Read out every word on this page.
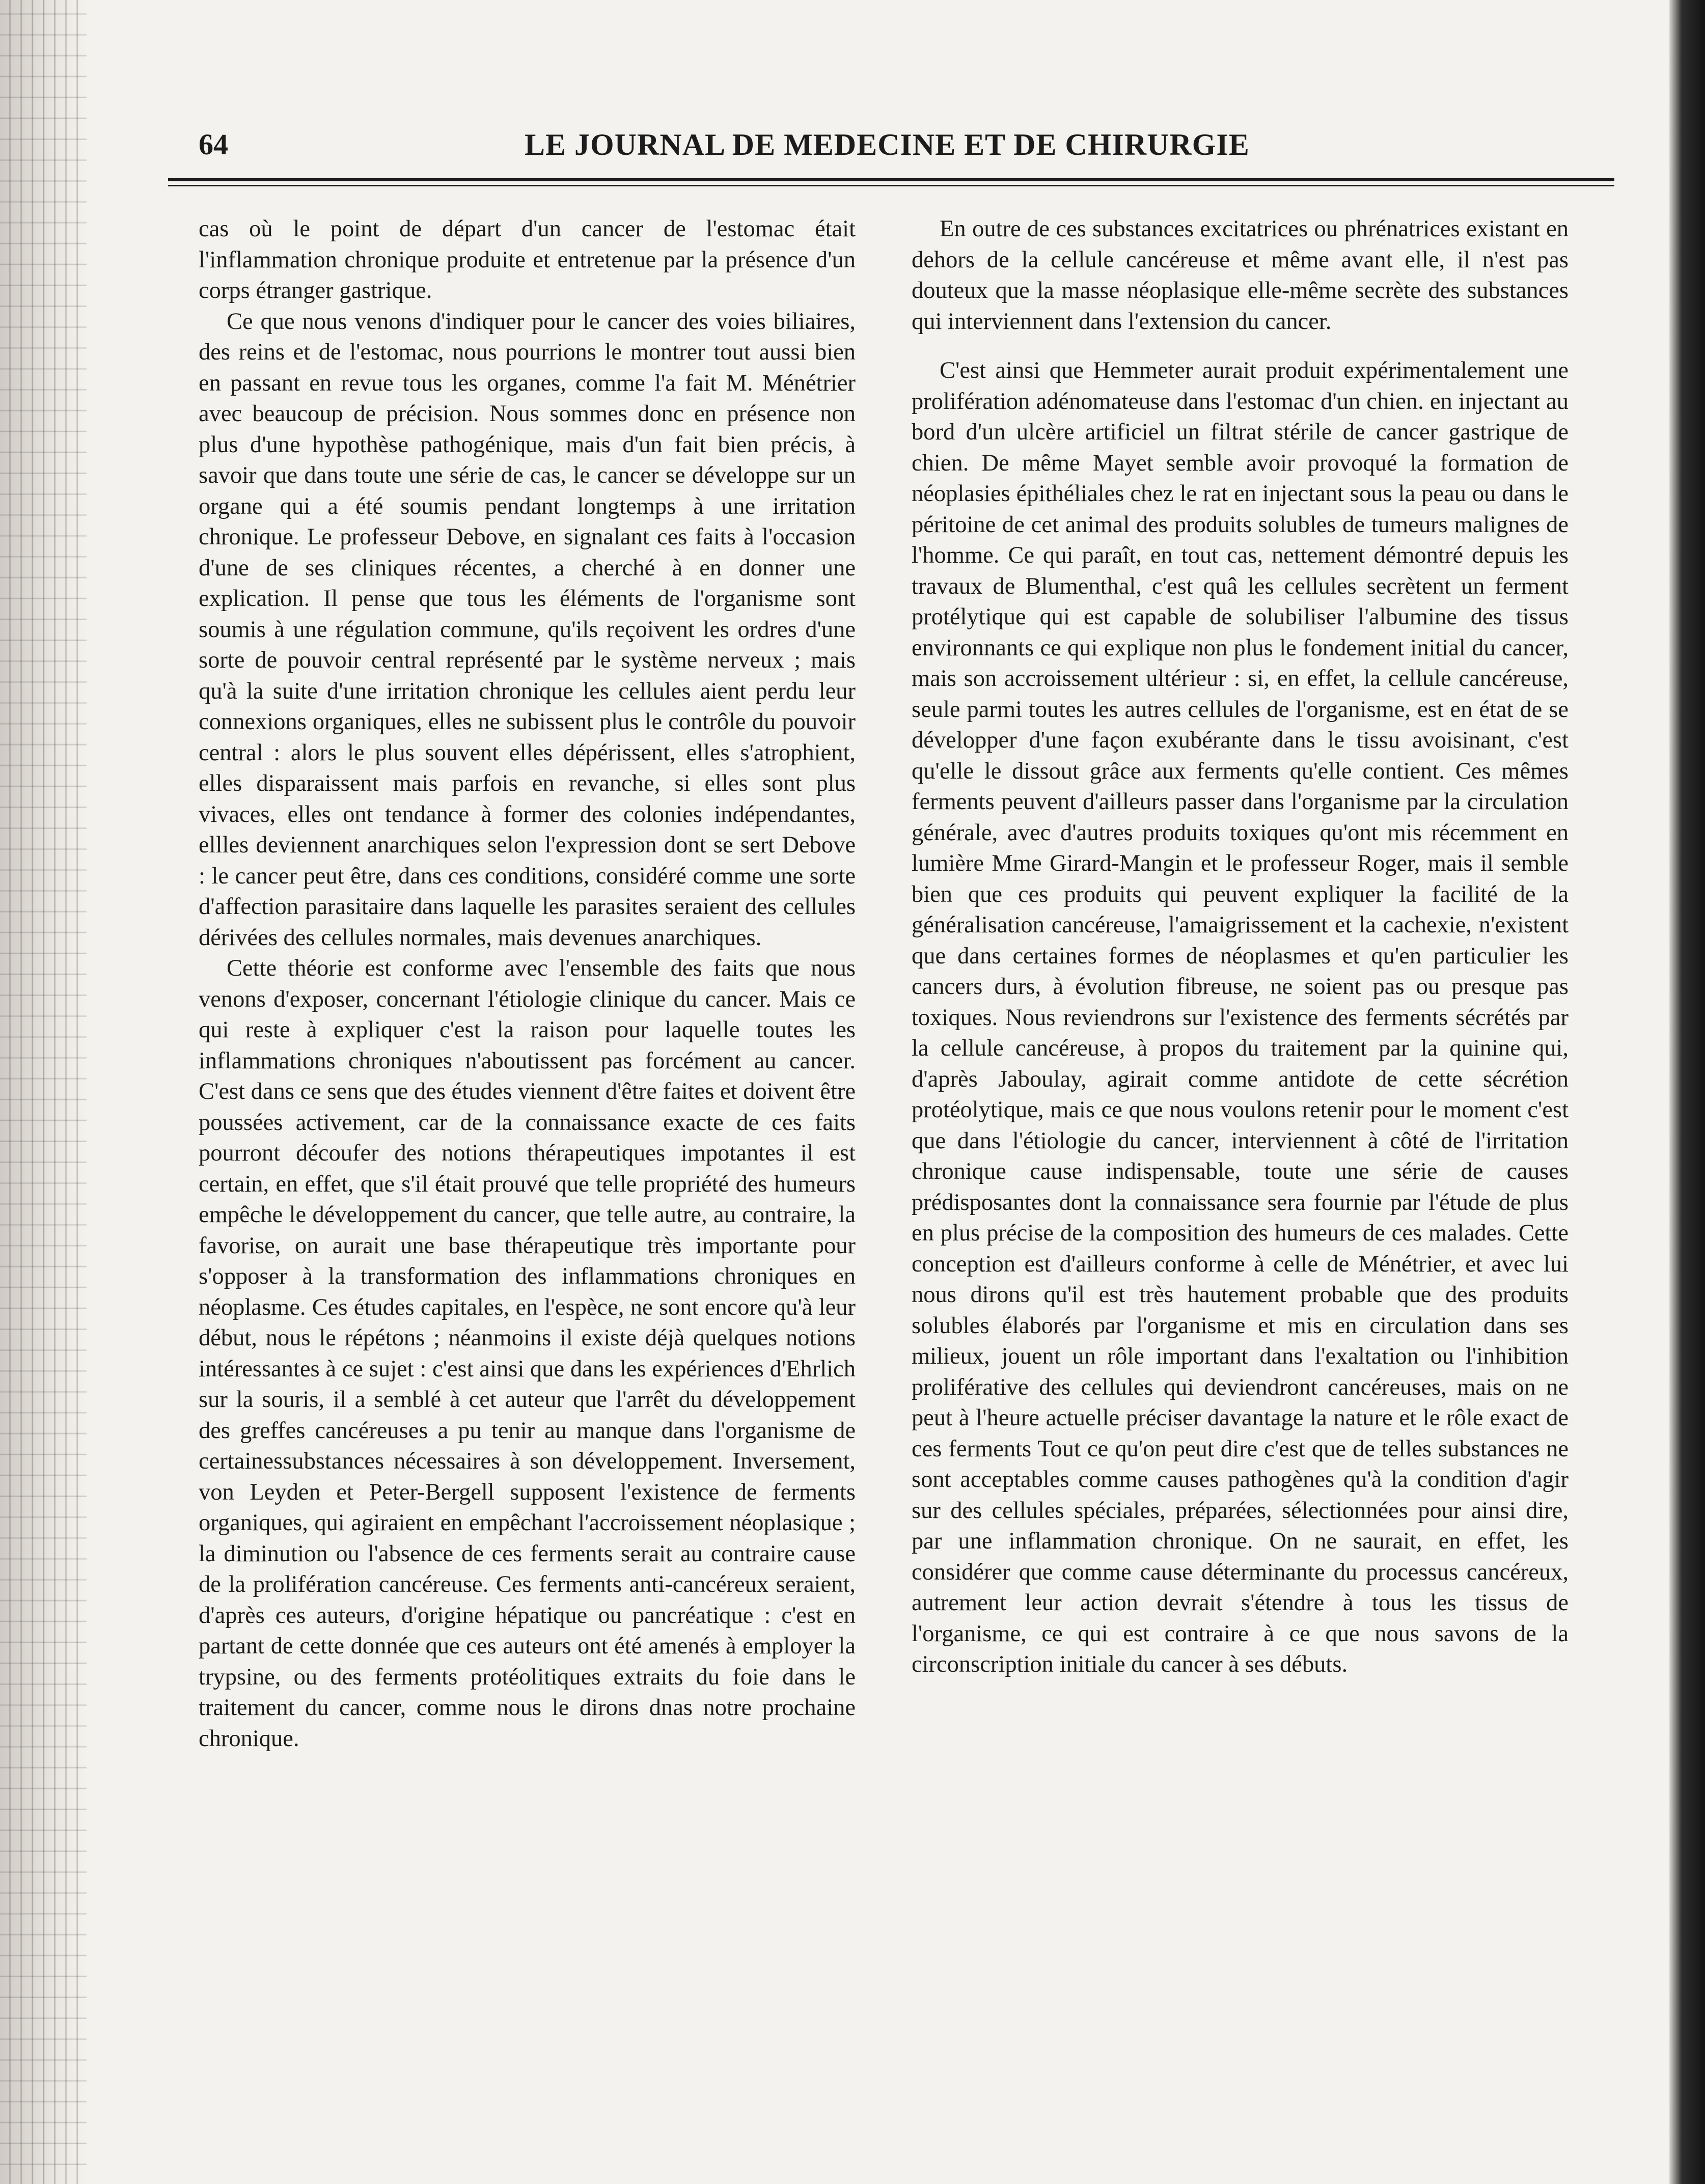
64	LE JOURNAL DE MEDECINE ET DE CHIRURGIE

cas où le point de départ d'un cancer de l'estomac était l'inflammation chronique produite et entretenue par la présence d'un corps étranger gastrique.

Ce que nous venons d'indiquer pour le cancer des voies biliaires, des reins et de l'estomac, nous pourrions le montrer tout aussi bien en passant en revue tous les organes, comme l'a fait M. Ménétrier avec beaucoup de précision. Nous sommes donc en présence non plus d'une hypothèse pathogénique, mais d'un fait bien précis, à savoir que dans toute une série de cas, le cancer se développe sur un organe qui a été soumis pendant longtemps à une irritation chronique. Le professeur Debove, en signalant ces faits à l'occasion d'une de ses cliniques récentes, a cherché à en donner une explication. Il pense que tous les éléments de l'organisme sont soumis à une régulation commune, qu'ils reçoivent les ordres d'une sorte de pouvoir central représenté par le système nerveux ; mais qu'à la suite d'une irritation chronique les cellules aient perdu leur connexions organiques, elles ne subissent plus le contrôle du pouvoir central : alors le plus souvent elles dépérissent, elles s'atrophient, elles disparaissent mais parfois en revanche, si elles sont plus vivaces, elles ont tendance à former des colonies indépendantes, ellles deviennent anarchiques selon l'expression dont se sert Debove : le cancer peut être, dans ces conditions, considéré comme une sorte d'affection parasitaire dans laquelle les parasites seraient des cellules dérivées des cellules normales, mais devenues anarchiques.

Cette théorie est conforme avec l'ensemble des faits que nous venons d'exposer, concernant l'étiologie clinique du cancer. Mais ce qui reste à expliquer c'est la raison pour laquelle toutes les inflammations chroniques n'aboutissent pas forcément au cancer. C'est dans ce sens que des études viennent d'être faites et doivent être poussées activement, car de la connaissance exacte de ces faits pourront découfer des notions thérapeutiques impotantes il est certain, en effet, que s'il était prouvé que telle propriété des humeurs empêche le développement du cancer, que telle autre, au contraire, la favorise, on aurait une base thérapeutique très importante pour s'opposer à la transformation des inflammations chroniques en néoplasme. Ces études capitales, en l'espèce, ne sont encore qu'à leur début, nous le répétons ; néanmoins il existe déjà quelques notions intéressantes à ce sujet : c'est ainsi que dans les expériences d'Ehrlich sur la souris, il a semblé à cet auteur que l'arrêt du développement des greffes cancéreuses a pu tenir au manque dans l'organisme de certainessubstances nécessaires à son développement. Inversement, von Leyden et Peter-Bergell supposent l'existence de ferments organiques, qui agiraient en empêchant l'accroissement néoplasique ; la diminution ou l'absence de ces ferments serait au contraire cause de la prolifération cancéreuse. Ces ferments anti-cancéreux seraient, d'après ces auteurs, d'origine hépatique ou pancréatique : c'est en partant de cette donnée que ces auteurs ont été amenés à employer la trypsine, ou des ferments protéolitiques extraits du foie dans le traitement du cancer, comme nous le dirons dnas notre prochaine chronique.

En outre de ces substances excitatrices ou phrénatrices existant en dehors de la cellule cancéreuse et même avant elle, il n'est pas douteux que la masse néoplasique elle-même secrète des substances qui interviennent dans l'extension du cancer.

C'est ainsi que Hemmeter aurait produit expérimentalement une prolifération adénomateuse dans l'estomac d'un chien. en injectant au bord d'un ulcère artificiel un filtrat stérile de cancer gastrique de chien. De même Mayet semble avoir provoqué la formation de néoplasies épithéliales chez le rat en injectant sous la peau ou dans le péritoine de cet animal des produits solubles de tumeurs malignes de l'homme. Ce qui paraît, en tout cas, nettement démontré depuis les travaux de Blumenthal, c'est quâ les cellules secrètent un ferment protélytique qui est capable de solubiliser l'albumine des tissus environnants ce qui explique non plus le fondement initial du cancer, mais son accroissement ultérieur : si, en effet, la cellule cancéreuse, seule parmi toutes les autres cellules de l'organisme, est en état de se développer d'une façon exubérante dans le tissu avoisinant, c'est qu'elle le dissout grâce aux ferments qu'elle contient. Ces mêmes ferments peuvent d'ailleurs passer dans l'organisme par la circulation générale, avec d'autres produits toxiques qu'ont mis récemment en lumière Mme Girard-Mangin et le professeur Roger, mais il semble bien que ces produits qui peuvent expliquer la facilité de la généralisation cancéreuse, l'amaigrissement et la cachexie, n'existent que dans certaines formes de néoplasmes et qu'en particulier les cancers durs, à évolution fibreuse, ne soient pas ou presque pas toxiques. Nous reviendrons sur l'existence des ferments sécrétés par la cellule cancéreuse, à propos du traitement par la quinine qui, d'après Jaboulay, agirait comme antidote de cette sécrétion protéolytique, mais ce que nous voulons retenir pour le moment c'est que dans l'étiologie du cancer, interviennent à côté de l'irritation chronique cause indispensable, toute une série de causes prédisposantes dont la connaissance sera fournie par l'étude de plus en plus précise de la composition des humeurs de ces malades. Cette conception est d'ailleurs conforme à celle de Ménétrier, et avec lui nous dirons qu'il est très hautement probable que des produits solubles élaborés par l'organisme et mis en circulation dans ses milieux, jouent un rôle important dans l'exaltation ou l'inhibition proliférative des cellules qui deviendront cancéreuses, mais on ne peut à l'heure actuelle préciser davantage la nature et le rôle exact de ces ferments Tout ce qu'on peut dire c'est que de telles substances ne sont acceptables comme causes pathogènes qu'à la condition d'agir sur des cellules spéciales, préparées, sélectionnées pour ainsi dire, par une inflammation chronique. On ne saurait, en effet, les considérer que comme cause déterminante du processus cancéreux, autrement leur action devrait s'étendre à tous les tissus de l'organisme, ce qui est contraire à ce que nous savons de la circonscription initiale du cancer à ses débuts.
